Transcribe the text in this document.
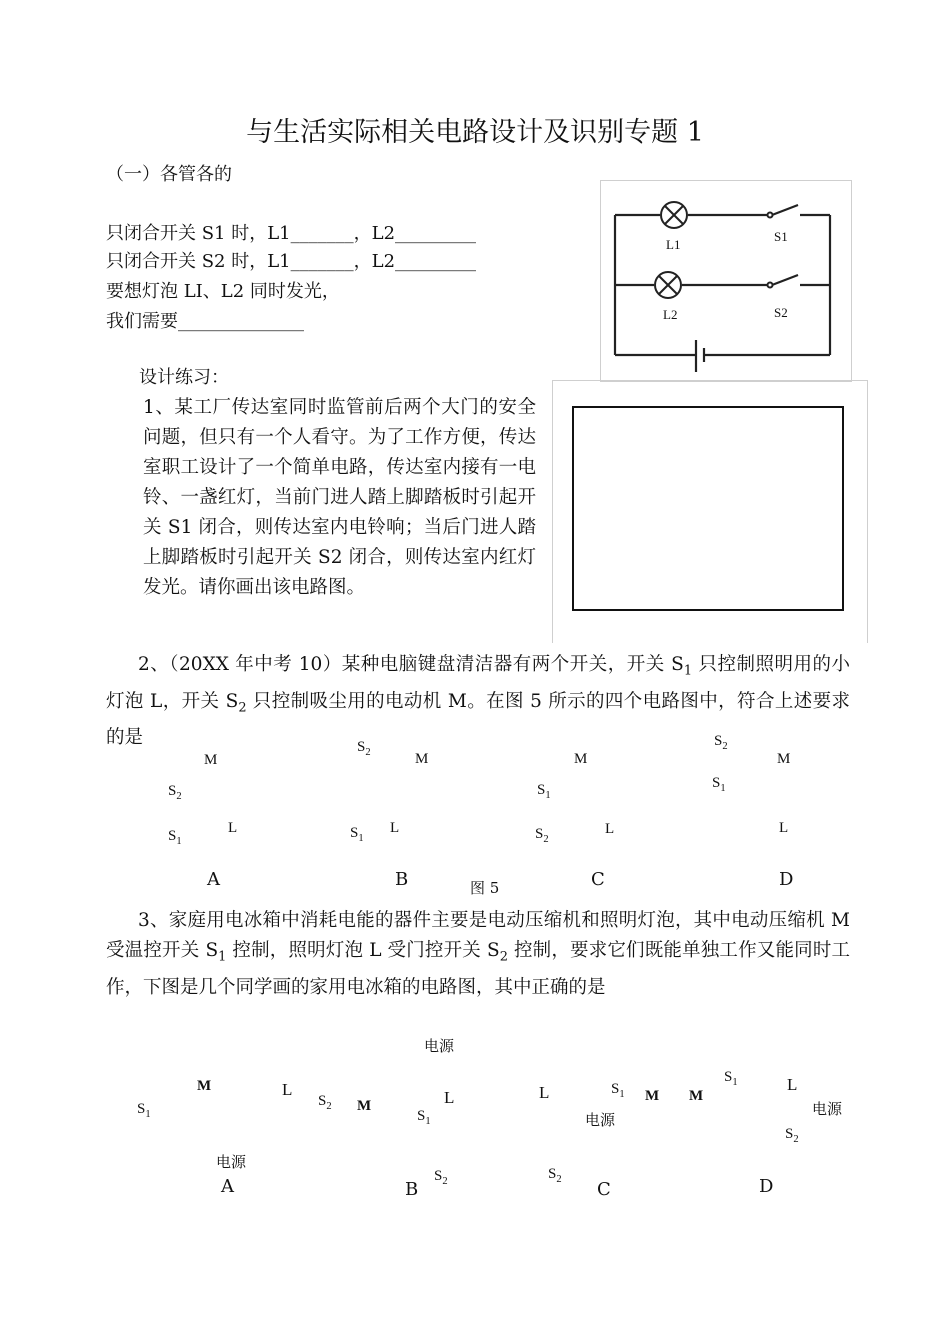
与生活实际相关电路设计及识别专题 1
（一）各管各的
只闭合开关 S1 时，L1_______，L2_________
只闭合开关 S2 时，L1_______，L2_________
要想灯泡 LI、L2 同时发光，
我们需要______________
L1
S1
L2	S2
设计练习：
1、某工厂传达室同时监管前后两个大门的安全问题，但只有一个人看守。为了工作方便，传达室职工设计了一个简单电路，传达室内接有一电铃、一盏红灯，当前门进人踏上脚踏板时引起开关 S1 闭合，则传达室内电铃响；当后门进人踏上脚踏板时引起开关 S2 闭合，则传达室内红灯发光。请你画出该电路图。
2、（20XX 年中考 10）某种电脑键盘清洁器有两个开关，开关 $S_1$ 只控制照明用的小灯泡 L，开关 $S_2$ 只控制吸尘用的电动机 M。在图 5 所示的四个电路图中，符合上述要求的是
M
$S_2$
L
$S_1$
A
$S_2$	M
L
$S_1$
B	图 5
M
$S_1$
L
$S_2$
C
$S_2$
M
$S_1$
L
D
3、家庭用电冰箱中消耗电能的器件主要是电动压缩机和照明灯泡，其中电动压缩机 M 受温控开关 $S_1$ 控制，照明灯泡 L 受门控开关 $S_2$ 控制，要求它们既能单独工作又能同时工作，下图是几个同学画的家用电冰箱的电路图，其中正确的是
电源
M	L
$S_1$
电源
A
$S_2$ M	L
$S_1$
$S_2$
B
L	$S_1$ M
电源
$S_2$ C
M
$S_1$	L
电源
$S_2$
D
